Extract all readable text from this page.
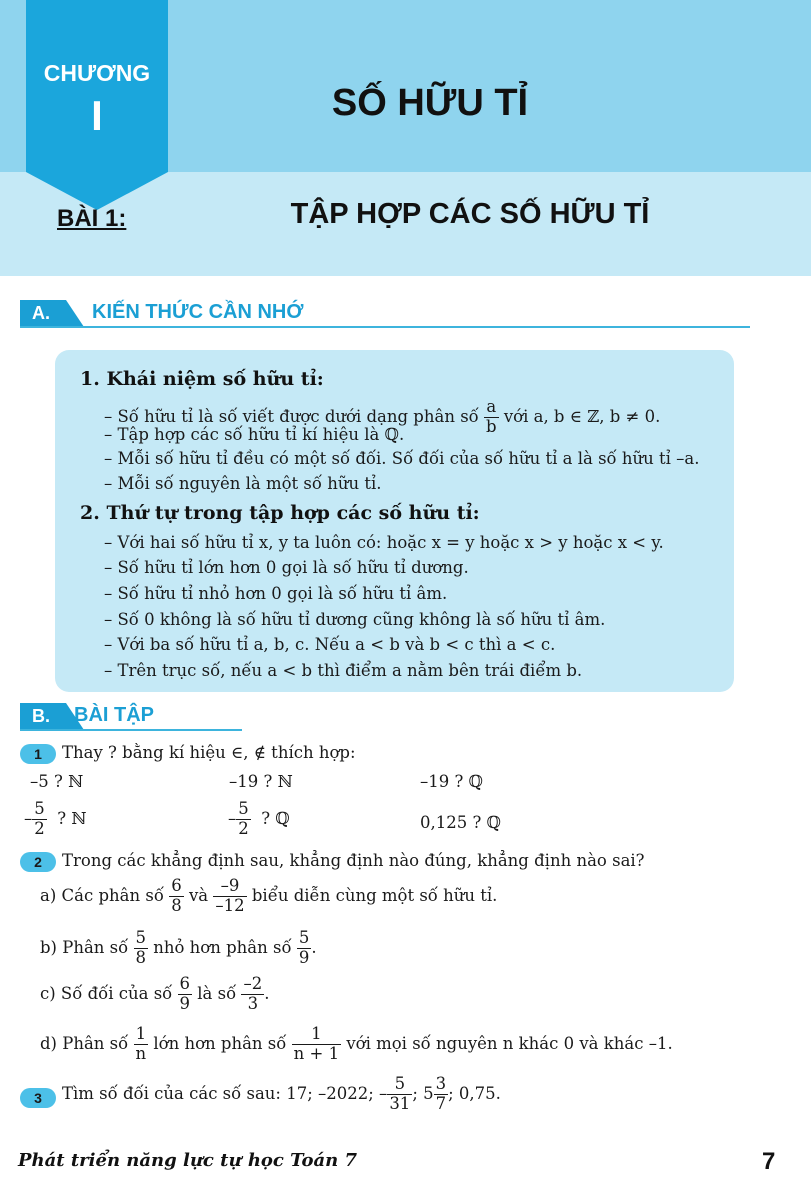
CHƯƠNG
I	SỐ HỮU TỈ
BÀI 1:	TẬP HỢP CÁC SỐ HỮU TỈ
A.	KIẾN THỨC CẦN NHỚ
1. Khái niệm số hữu tỉ:
– Số hữu tỉ là số viết được dưới dạng phân số $\frac{a}{b}$ với a, b ∈ ℤ, b ≠ 0.
– Tập hợp các số hữu tỉ kí hiệu là ℚ.
– Mỗi số hữu tỉ đều có một số đối. Số đối của số hữu tỉ a là số hữu tỉ –a.
– Mỗi số nguyên là một số hữu tỉ.
2. Thứ tự trong tập hợp các số hữu tỉ:
– Với hai số hữu tỉ x, y ta luôn có: hoặc x = y hoặc x > y hoặc x < y.
– Số hữu tỉ lớn hơn 0 gọi là số hữu tỉ dương.
– Số hữu tỉ nhỏ hơn 0 gọi là số hữu tỉ âm.
– Số 0 không là số hữu tỉ dương cũng không là số hữu tỉ âm.
– Với ba số hữu tỉ a, b, c. Nếu a < b và b < c thì a < c.
– Trên trục số, nếu a < b thì điểm a nằm bên trái điểm b.
B.	BÀI TẬP
1	Thay ? bằng kí hiệu ∈, ∉ thích hợp:
–5 ? ℕ	–19 ? ℕ	–19 ? ℚ
– $\frac{5}{2}$ ? ℕ	– $\frac{5}{2}$ ? ℚ	0,125 ? ℚ
2	Trong các khẳng định sau, khẳng định nào đúng, khẳng định nào sai?
a) Các phân số $\frac{6}{8}$ và $\frac{-9}{-12}$ biểu diễn cùng một số hữu tỉ.
b) Phân số $\frac{5}{8}$ nhỏ hơn phân số $\frac{5}{9}$ .
c) Số đối của số $\frac{6}{9}$ là số $\frac{-2}{3}$ .
d) Phân số $\frac{1}{n}$ lớn hơn phân số $\frac{1}{n + 1}$ với mọi số nguyên n khác 0 và khác –1.
3	Tìm số đối của các số sau: 17; –2022; – $\frac{5}{31}$ ; $5 \frac{3}{7}$ ; 0,75.
Phát triển năng lực tự học Toán 7	7
